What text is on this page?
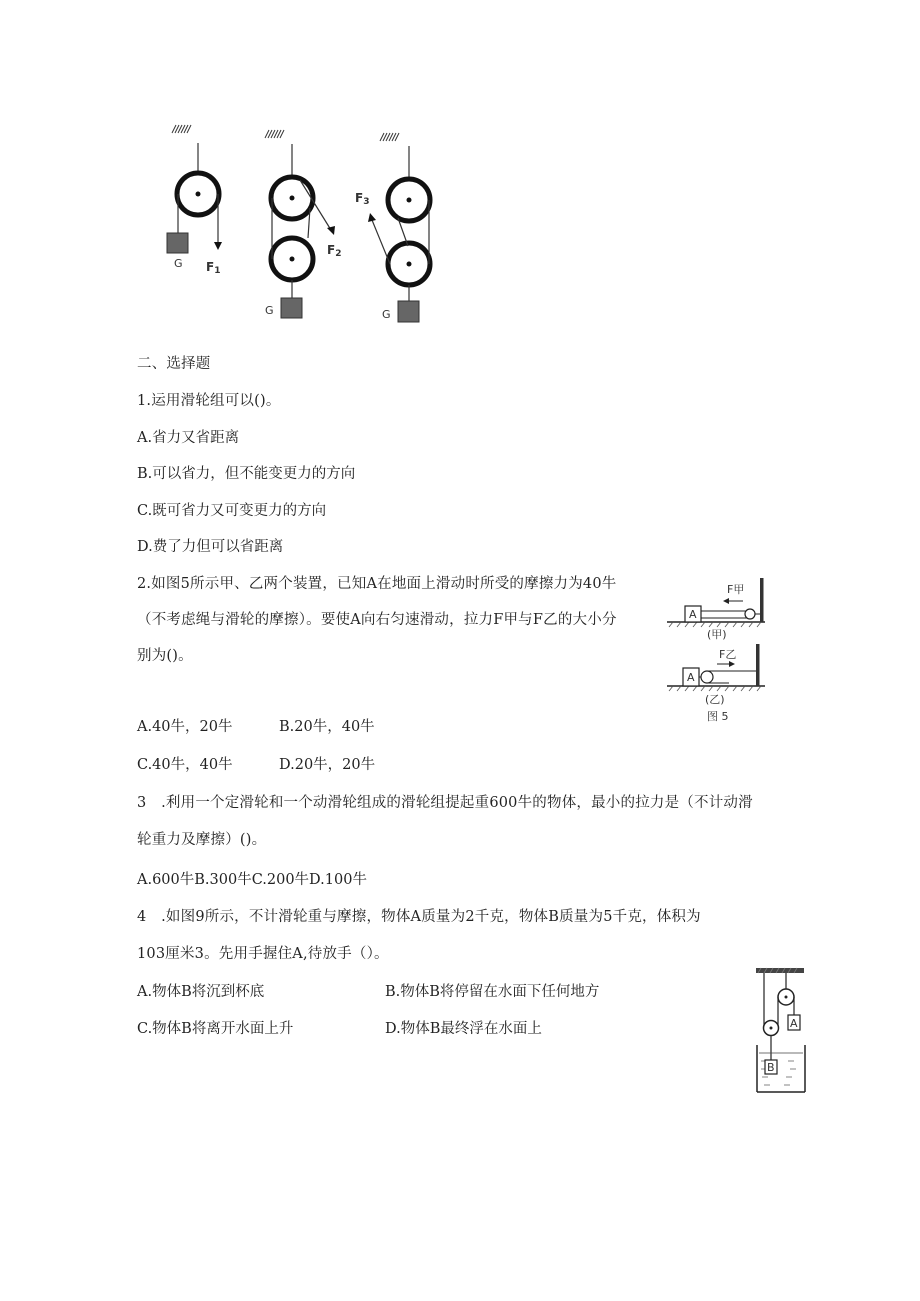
G F1
G
F2
G
F3
二、选择题
1.运用滑轮组可以()。
A.省力又省距离
B.可以省力，但不能变更力的方向
C.既可省力又可变更力的方向
D.费了力但可以省距离
2.如图5所示甲、乙两个装置，已知A在地面上滑动时所受的摩擦力为40牛
（不考虑绳与滑轮的摩擦）。要使A向右匀速滑动，拉力F甲与F乙的大小分
别为()。
A.40牛，20牛	B.20牛，40牛
C.40牛，40牛	D.20牛，20牛
A
F甲
(甲)
A
F乙
(乙)
图 5
3　.利用一个定滑轮和一个动滑轮组成的滑轮组提起重600牛的物体，最小的拉力是（不计动滑
轮重力及摩擦）()。
A.600牛B.300牛C.200牛D.100牛
4　.如图9所示，不计滑轮重与摩擦，物体A质量为2千克，物体B质量为5千克，体积为
103厘米3。先用手握住A,待放手（）。
A.物体B将沉到杯底	B.物体B将停留在水面下任何地方
C.物体B将离开水面上升	D.物体B最终浮在水面上	A
B
